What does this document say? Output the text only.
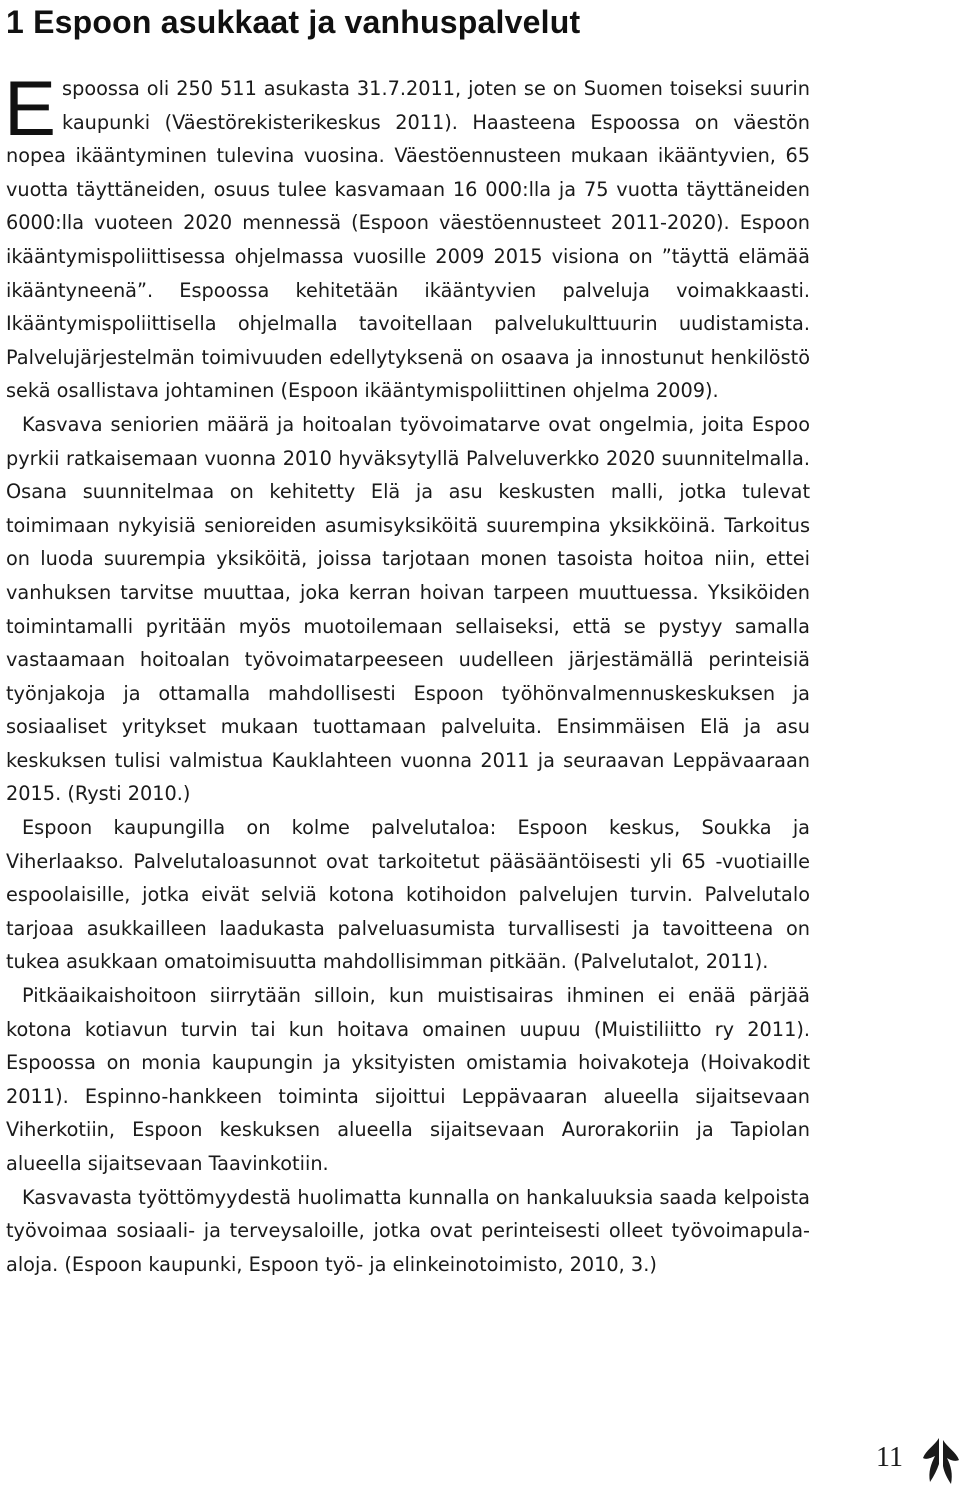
1 Espoon asukkaat ja vanhuspalvelut

Espoossa oli 250 511 asukasta 31.7.2011, joten se on Suomen toiseksi suurin kaupunki (Väestörekisterikeskus 2011). Haasteena Espoossa on väestön nopea ikääntyminen tulevina vuosina. Väestöennusteen mukaan ikääntyvien, 65 vuotta täyttäneiden, osuus tulee kasvamaan 16 000:lla ja 75 vuotta täyttäneiden 6000:lla vuoteen 2020 mennessä (Espoon väestöennusteet 2011-2020). Espoon ikääntymispoliittisessa ohjelmassa vuosille 2009 2015 visiona on ”täyttä elämää ikääntyneenä”. Espoossa kehitetään ikääntyvien palveluja voimakkaasti. Ikääntymispoliittisella ohjelmalla tavoitellaan palvelukulttuurin uudistamista. Palvelujärjestelmän toimivuuden edellytyksenä on osaava ja innostunut henkilöstö sekä osallistava johtaminen (Espoon ikääntymispoliittinen ohjelma 2009).

Kasvava seniorien määrä ja hoitoalan työvoimatarve ovat ongelmia, joita Espoo pyrkii ratkaisemaan vuonna 2010 hyväksytyllä Palveluverkko 2020 suunnitelmalla. Osana suunnitelmaa on kehitetty Elä ja asu keskusten malli, jotka tulevat toimimaan nykyisiä senioreiden asumisyksiköitä suurempina yksikköinä. Tarkoitus on luoda suurempia yksiköitä, joissa tarjotaan monen tasoista hoitoa niin, ettei vanhuksen tarvitse muuttaa, joka kerran hoivan tarpeen muuttuessa. Yksiköiden toimintamalli pyritään myös muotoilemaan sellaiseksi, että se pystyy samalla vastaamaan hoitoalan työvoimatarpeeseen uudelleen järjestämällä perinteisiä työnjakoja ja ottamalla mahdollisesti Espoon työhönvalmennuskeskuksen ja sosiaaliset yritykset mukaan tuottamaan palveluita. Ensimmäisen Elä ja asu keskuksen tulisi valmistua Kauklahteen vuonna 2011 ja seuraavan Leppävaaraan 2015. (Rysti 2010.)

Espoon kaupungilla on kolme palvelutaloa: Espoon keskus, Soukka ja Viherlaakso. Palvelutaloasunnot ovat tarkoitetut pääsääntöisesti yli 65 -vuotiaille espoolaisille, jotka eivät selviä kotona kotihoidon palvelujen turvin. Palvelutalo tarjoaa asukkailleen laadukasta palveluasumista turvallisesti ja tavoitteena on tukea asukkaan omatoimisuutta mahdollisimman pitkään. (Palvelutalot, 2011).

Pitkäaikaishoitoon siirrytään silloin, kun muistisairas ihminen ei enää pärjää kotona kotiavun turvin tai kun hoitava omainen uupuu (Muistiliitto ry 2011). Espoossa on monia kaupungin ja yksityisten omistamia hoivakoteja (Hoivakodit 2011). Espinno-hankkeen toiminta sijoittui Leppävaaran alueella sijaitsevaan Viherkotiin, Espoon keskuksen alueella sijaitsevaan Aurorakoriin ja Tapiolan alueella sijaitsevaan Taavinkotiin.

Kasvavasta työttömyydestä huolimatta kunnalla on hankaluuksia saada kelpoista työvoimaa sosiaali- ja terveysaloille, jotka ovat perinteisesti olleet työvoimapula-aloja. (Espoon kaupunki, Espoon työ- ja elinkeinotoimisto, 2010, 3.)

11
